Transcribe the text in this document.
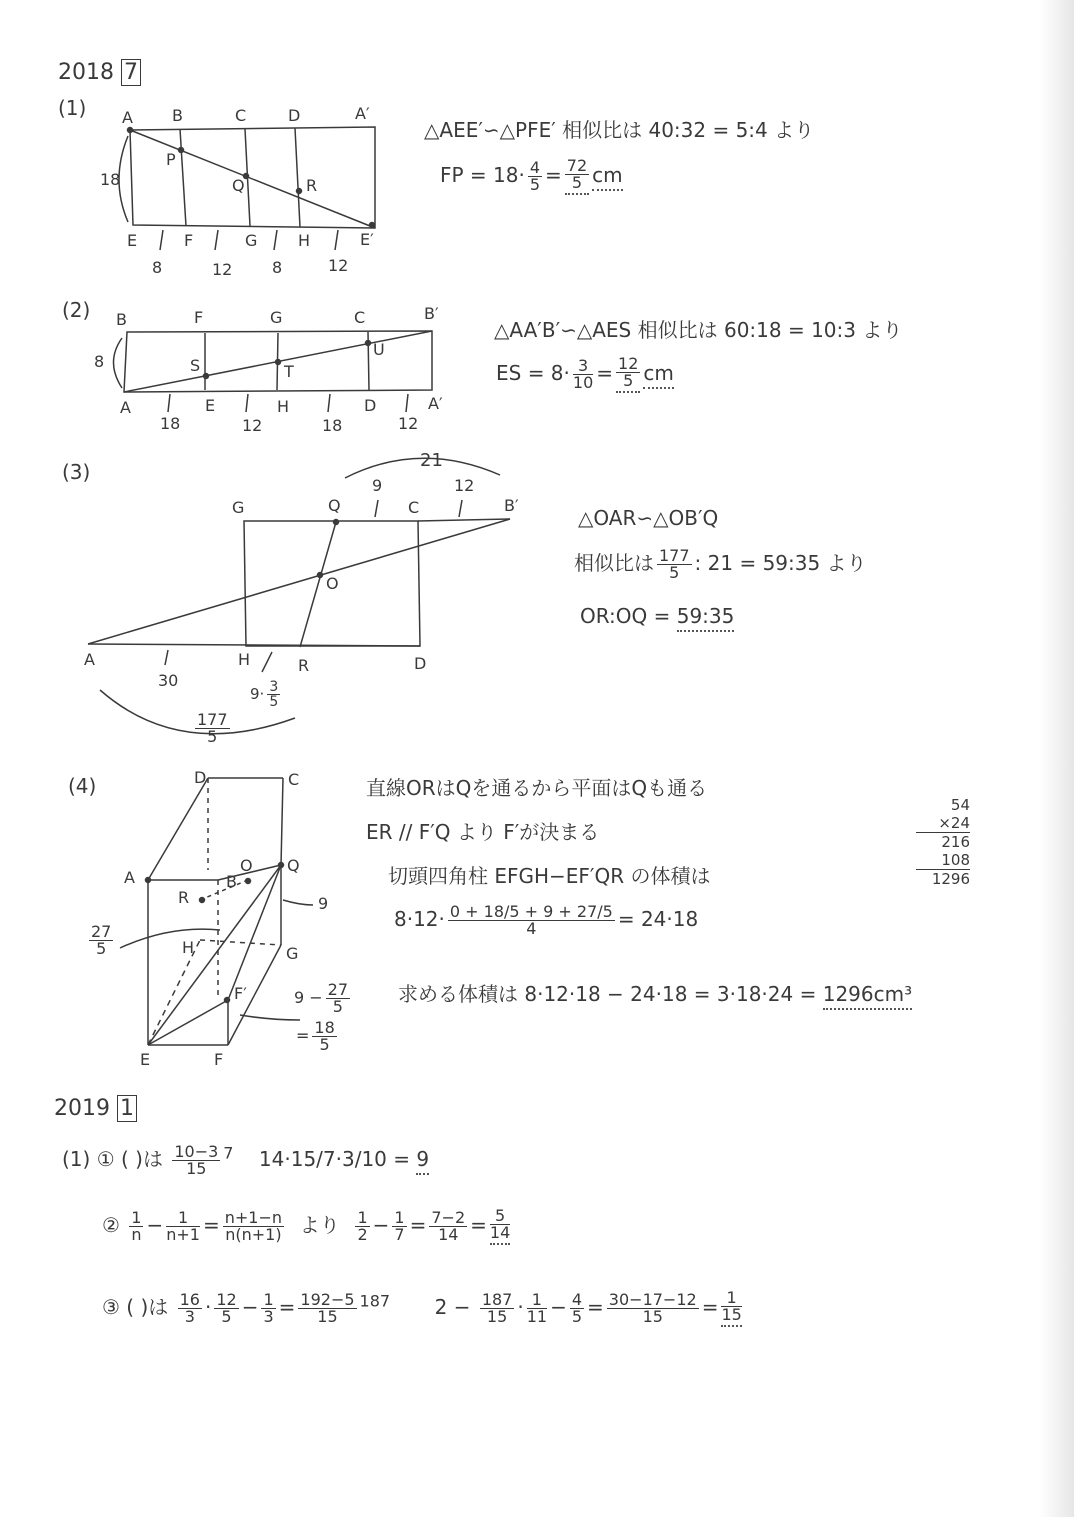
2018 7
(1) A B	C	D	A′
P
Q	R
E	F	G	H	E′
18
8	12 8	12
△AEE′∽△PFE′ 相似比は 40:32 = 5:4 より
FP = $18\cdot \frac{4}{5} = \frac{72}{5}$ cm
(2) B	F	G	C	B′
S	T
U
A	E	H	D	A′
8
18	12	18	12
△AA′B′∽△AES 相似比は 60:18 = 10:3 より
ES = $8\cdot \frac{3}{10} = \frac{12}{5}$ cm
(3)	21
9	12
G	Q	C	B′
O
A	H	R	D
30
$9\cdot \frac{3}{5}$
$\frac{177}{5}$
△OAR∽△OB′Q
相似比は $\frac{177}{5}$ : 21 = 59:35 より
OR:OQ = 59:35
(4)	D	C
A
O
B
Q
R
H	G
F′
E	F
9
$\frac{27}{5}$
$9 - \frac{27}{5}$
= $\frac{18}{5}$
直線ORはQを通るから平面はQも通る
ER // F′Q より F′が決まる
切頭四角柱 EFGH−EF′QR の体積は
$8\cdot 12\cdot \frac{0 + 18/5 + 9 + 27/5}{4} = 24\cdot 18$
求める体積は 8·12·18 − 24·18 = 3·18·24 = 1296cm³
54
×24
216
108
1296
2019 1
(1) ① ( )は $\frac{10-3}{15} ^7$ 14·15/7·3/10 = 9
② $\frac{1}{n} - \frac{1}{n+1} = \frac{n+1-n}{n(n+1)}$ より $\frac{1}{2} - \frac{1}{7} = \frac{7-2}{14} = \frac{5}{14}$
③ ( )は $\frac{16}{3} \cdot \frac{12}{5} - \frac{1}{3} = \frac{192-5}{15} ^{187}$ $2 - \frac{187}{15} \cdot \frac{1}{11} - \frac{4}{5} = \frac{30-17-12}{15} = \frac{1}{15}$
